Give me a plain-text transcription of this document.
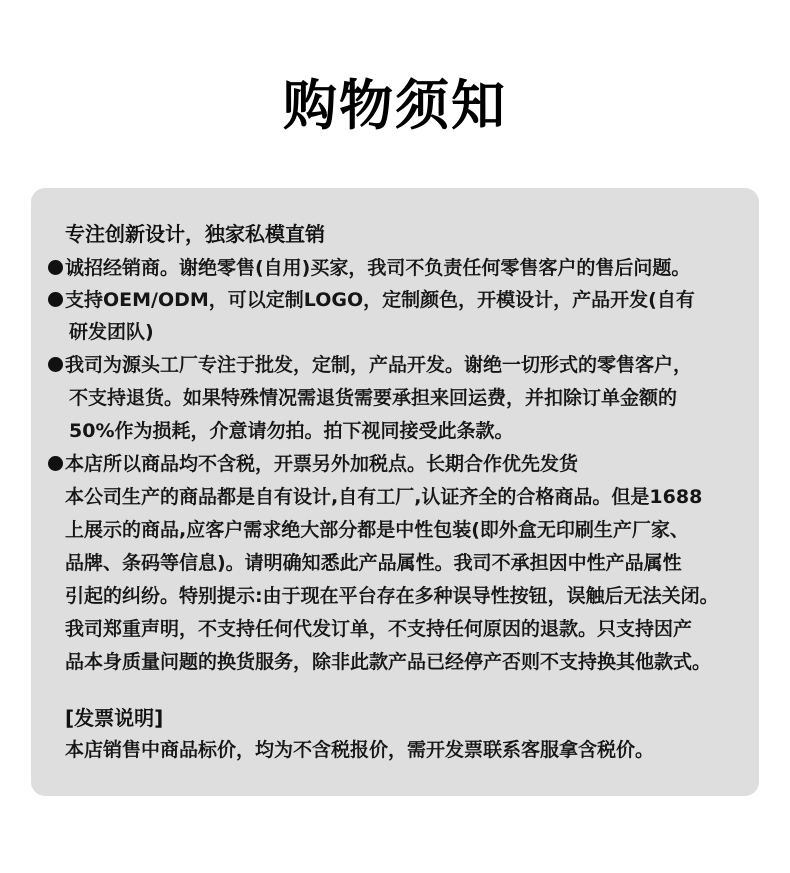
购物须知
专注创新设计，独家私模直销
诚招经销商。谢绝零售(自用)买家，我司不负责任何零售客户的售后问题。
支持OEM/ODM，可以定制LOGO，定制颜色，开模设计，产品开发(自有
研发团队)
我司为源头工厂专注于批发，定制，产品开发。谢绝一切形式的零售客户，
不支持退货。如果特殊情况需退货需要承担来回运费，并扣除订单金额的
50%作为损耗，介意请勿拍。拍下视同接受此条款。
本店所以商品均不含税，开票另外加税点。长期合作优先发货
本公司生产的商品都是自有设计,自有工厂,认证齐全的合格商品。但是1688
上展示的商品,应客户需求绝大部分都是中性包装(即外盒无印刷生产厂家、
品牌、条码等信息)。请明确知悉此产品属性。我司不承担因中性产品属性
引起的纠纷。特别提示:由于现在平台存在多种误导性按钮，误触后无法关闭。
我司郑重声明，不支持任何代发订单，不支持任何原因的退款。只支持因产
品本身质量问题的换货服务，除非此款产品已经停产否则不支持换其他款式。
[发票说明]
本店销售中商品标价，均为不含税报价，需开发票联系客服拿含税价。
